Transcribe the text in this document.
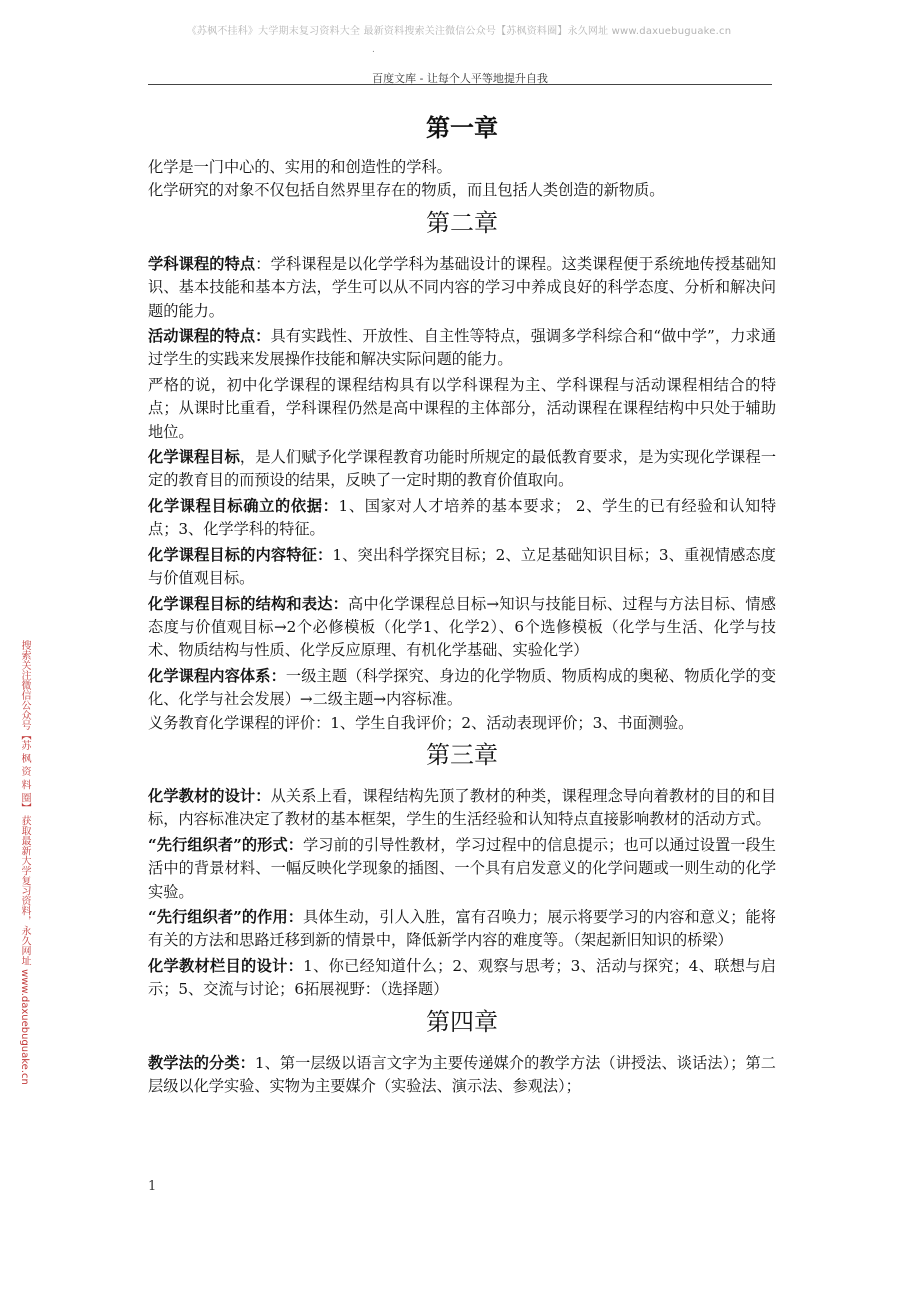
《苏枫不挂科》大学期末复习资料大全 最新资料搜索关注微信公众号【苏枫资料圈】永久网址 www.daxuebuguake.cn
.
百度文库 - 让每个人平等地提升自我
搜索关注微信公众号【苏 枫 资 料 圈】 获取最新大学复习资料，永久网址 www.daxuebuguake.cn
第一章

化学是一门中心的、实用的和创造性的学科。

化学研究的对象不仅包括自然界里存在的物质，而且包括人类创造的新物质。

第二章

学科课程的特点：学科课程是以化学学科为基础设计的课程。这类课程便于系统地传授基础知识、基本技能和基本方法，学生可以从不同内容的学习中养成良好的科学态度、分析和解决问题的能力。

活动课程的特点：具有实践性、开放性、自主性等特点，强调多学科综合和“做中学”，力求通过学生的实践来发展操作技能和解决实际问题的能力。

严格的说，初中化学课程的课程结构具有以学科课程为主、学科课程与活动课程相结合的特点；从课时比重看，学科课程仍然是高中课程的主体部分，活动课程在课程结构中只处于辅助地位。

化学课程目标，是人们赋予化学课程教育功能时所规定的最低教育要求，是为实现化学课程一定的教育目的而预设的结果，反映了一定时期的教育价值取向。

化学课程目标确立的依据：1、国家对人才培养的基本要求； 2、学生的已有经验和认知特点；3、化学学科的特征。

化学课程目标的内容特征：1、突出科学探究目标；2、立足基础知识目标；3、重视情感态度与价值观目标。

化学课程目标的结构和表达：高中化学课程总目标→知识与技能目标、过程与方法目标、情感态度与价值观目标→2个必修模板（化学1、化学2）、6个选修模板（化学与生活、化学与技术、物质结构与性质、化学反应原理、有机化学基础、实验化学）

化学课程内容体系：一级主题（科学探究、身边的化学物质、物质构成的奥秘、物质化学的变化、化学与社会发展）→二级主题→内容标准。

义务教育化学课程的评价：1、学生自我评价；2、活动表现评价；3、书面测验。

第三章

化学教材的设计：从关系上看，课程结构先顶了教材的种类，课程理念导向着教材的目的和目标，内容标准决定了教材的基本框架，学生的生活经验和认知特点直接影响教材的活动方式。

“先行组织者”的形式：学习前的引导性教材，学习过程中的信息提示；也可以通过设置一段生活中的背景材料、一幅反映化学现象的插图、一个具有启发意义的化学问题或一则生动的化学实验。

“先行组织者”的作用：具体生动，引人入胜，富有召唤力；展示将要学习的内容和意义；能将有关的方法和思路迁移到新的情景中，降低新学内容的难度等。（架起新旧知识的桥梁）

化学教材栏目的设计：1、你已经知道什么；2、观察与思考；3、活动与探究；4、联想与启示；5、交流与讨论；6拓展视野：（选择题）

第四章

教学法的分类：1、第一层级以语言文字为主要传递媒介的教学方法（讲授法、谈话法）；第二层级以化学实验、实物为主要媒介（实验法、演示法、参观法）；

1
